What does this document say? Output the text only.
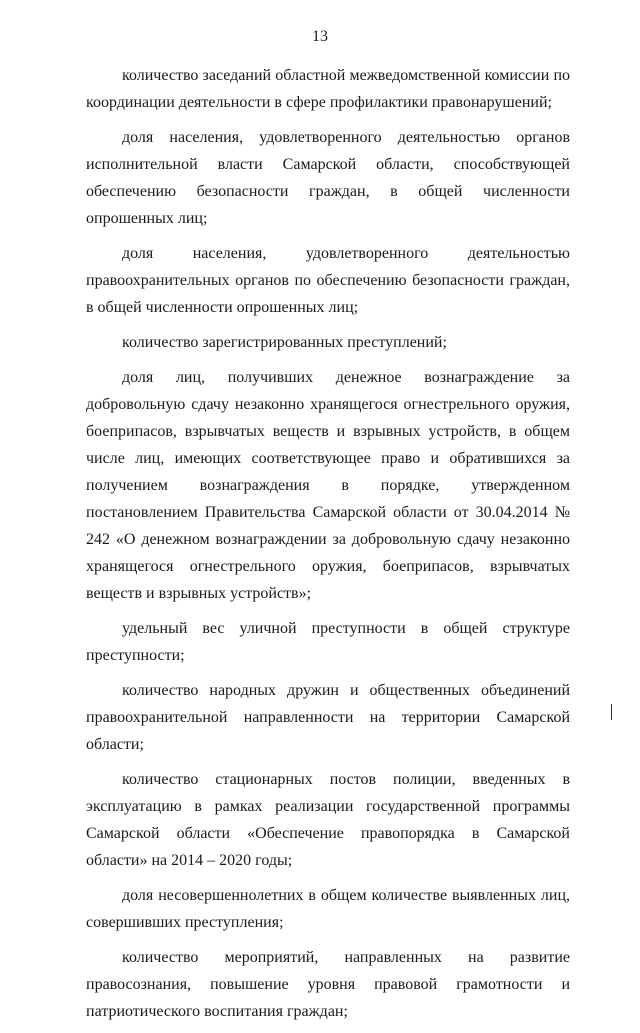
13

количество заседаний областной межведомственной комиссии по координации деятельности в сфере профилактики правонарушений;

доля населения, удовлетворенного деятельностью органов исполнительной власти Самарской области, способствующей обеспечению безопасности граждан, в общей численности опрошенных лиц;

доля населения, удовлетворенного деятельностью правоохранительных органов по обеспечению безопасности граждан, в общей численности опрошенных лиц;

количество зарегистрированных преступлений;

доля лиц, получивших денежное вознаграждение за добровольную сдачу незаконно хранящегося огнестрельного оружия, боеприпасов, взрывчатых веществ и взрывных устройств, в общем числе лиц, имеющих соответствующее право и обратившихся за получением вознаграждения в порядке, утвержденном постановлением Правительства Самарской области от 30.04.2014 № 242 «О денежном вознаграждении за добровольную сдачу незаконно хранящегося огнестрельного оружия, боеприпасов, взрывчатых веществ и взрывных устройств»;

удельный вес уличной преступности в общей структуре преступности;

количество народных дружин и общественных объединений правоохранительной направленности на территории Самарской области;

количество стационарных постов полиции, введенных в эксплуатацию в рамках реализации государственной программы Самарской области «Обеспечение правопорядка в Самарской области» на 2014 – 2020 годы;

доля несовершеннолетних в общем количестве выявленных лиц, совершивших преступления;

количество мероприятий, направленных на развитие правосознания, повышение уровня правовой грамотности и патриотического воспитания граждан;
